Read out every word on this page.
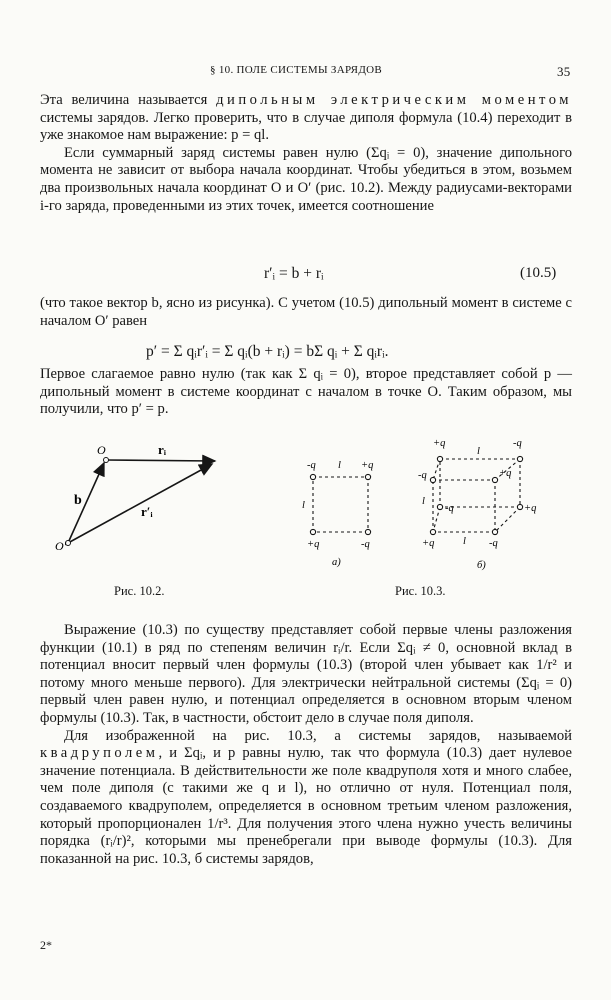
§ 10. ПОЛЕ СИСТЕМЫ ЗАРЯДОВ	35

Эта величина называется дипольным электрическим моментом системы зарядов. Легко проверить, что в случае диполя формула (10.4) переходит в уже знакомое нам выражение: p = ql.

Если суммарный заряд системы равен нулю (Σqᵢ = 0), значение дипольного момента не зависит от выбора начала координат. Чтобы убедиться в этом, возьмем два произвольных начала координат O и O′ (рис. 10.2). Между радиусами-векторами i-го заряда, проведенными из этих точек, имеется соотношение

r′ᵢ = b + rᵢ	(10.5)
(что такое вектор b, ясно из рисунка). С учетом (10.5) дипольный момент в системе с началом O′ равен
p′ = Σ qᵢr′ᵢ = Σ qᵢ(b + rᵢ) = bΣ qᵢ + Σ qᵢrᵢ.
Первое слагаемое равно нулю (так как Σ qᵢ = 0), второе представляет собой p — дипольный момент в системе координат с началом в точке O. Таким образом, мы получили, что p′ = p.
O
O′
rᵢ
b
r′ᵢ
Рис. 10.2.
-q	+q
+q	-q
l
l
а)
+q	-q
-q	+q
-q	+q
+q	-q
l
l
l
б)
Рис. 10.3.

Выражение (10.3) по существу представляет собой первые члены разложения функции (10.1) в ряд по степеням величин rᵢ/r. Если Σqᵢ ≠ 0, основной вклад в потенциал вносит первый член формулы (10.3) (второй член убывает как 1/r² и потому много меньше первого). Для электрически нейтральной системы (Σqᵢ = 0) первый член равен нулю, и потенциал определяется в основном вторым членом формулы (10.3). Так, в частности, обстоит дело в случае поля диполя.

Для изображенной на рис. 10.3, а системы зарядов, называемой квадруполем, и Σqᵢ, и p равны нулю, так что формула (10.3) дает нулевое значение потенциала. В действительности же поле квадруполя хотя и много слабее, чем поле диполя (с такими же q и l), но отлично от нуля. Потенциал поля, создаваемого квадруполем, определяется в основном третьим членом разложения, который пропорционален 1/r³. Для получения этого члена нужно учесть величины порядка (rᵢ/r)², которыми мы пренебрегали при выводе формулы (10.3). Для показанной на рис. 10.3, б системы зарядов,

2*
